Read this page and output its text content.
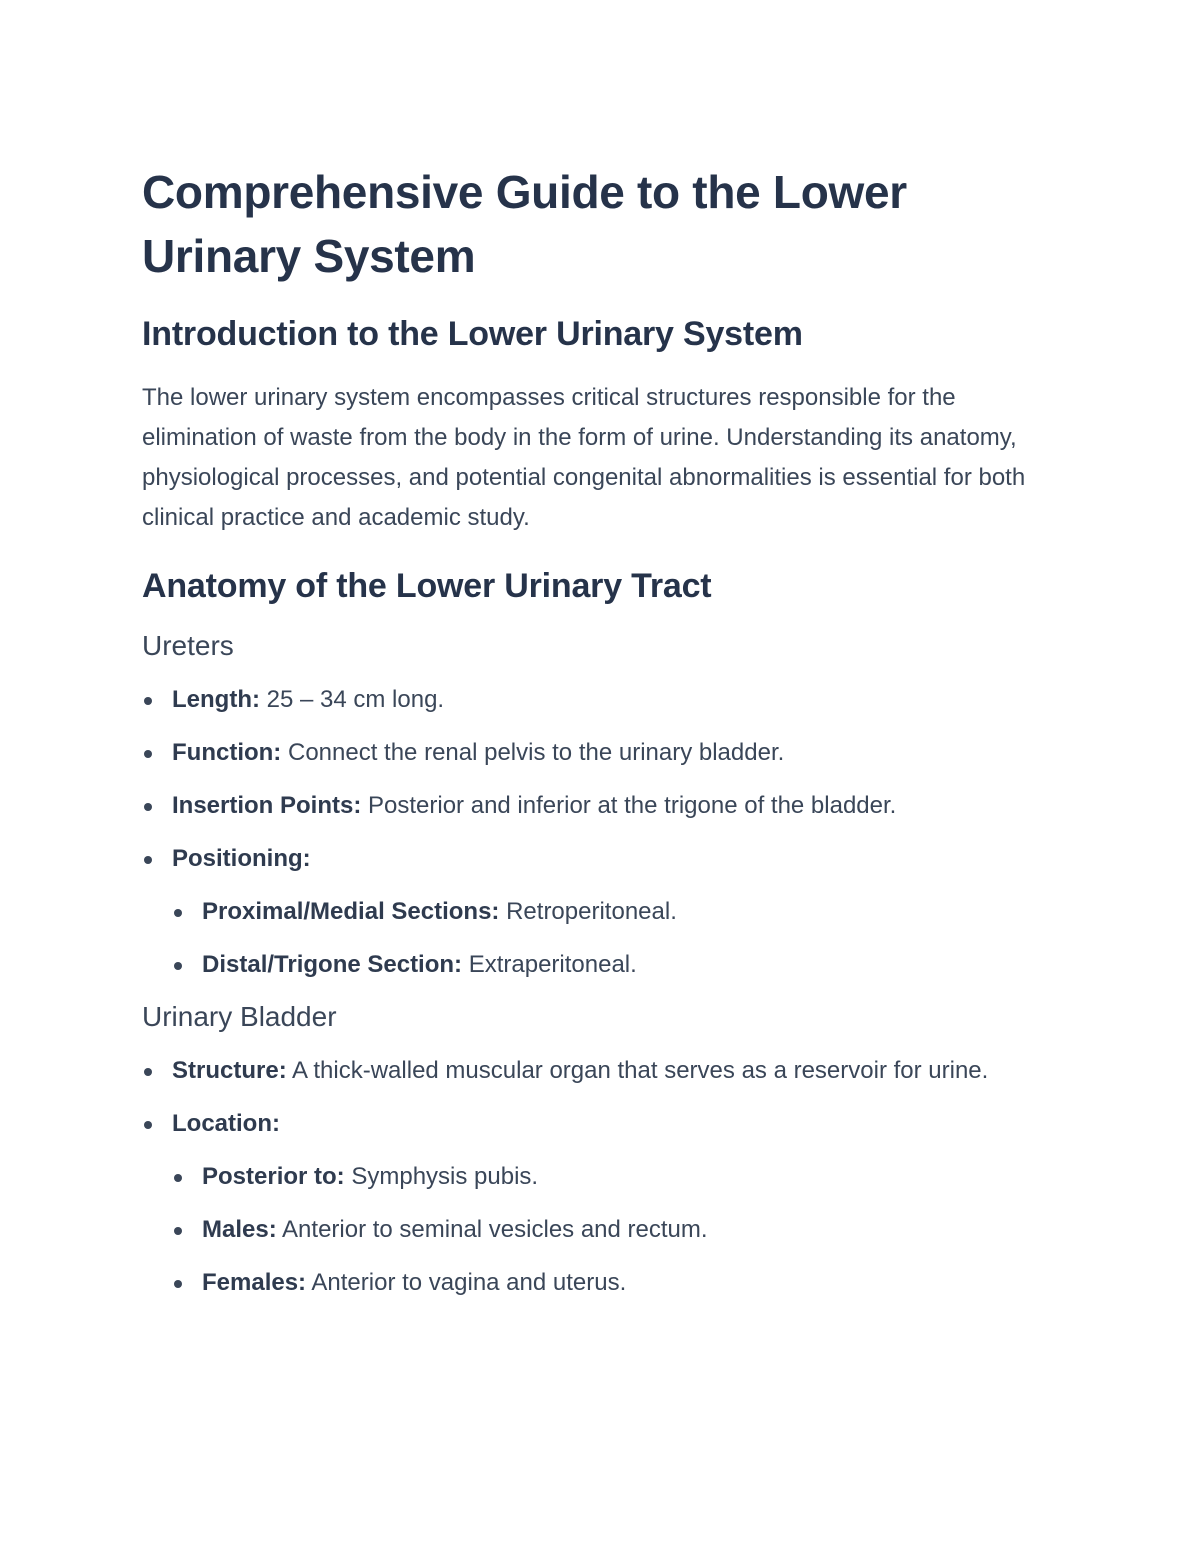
Comprehensive Guide to the Lower Urinary System
Introduction to the Lower Urinary System

The lower urinary system encompasses critical structures responsible for the elimination of waste from the body in the form of urine. Understanding its anatomy, physiological processes, and potential congenital abnormalities is essential for both clinical practice and academic study.

Anatomy of the Lower Urinary Tract
Ureters
Length: 25 – 34 cm long.
Function: Connect the renal pelvis to the urinary bladder.
Insertion Points: Posterior and inferior at the trigone of the bladder.
Positioning:
Proximal/Medial Sections: Retroperitoneal.
Distal/Trigone Section: Extraperitoneal.
Urinary Bladder
Structure: A thick-walled muscular organ that serves as a reservoir for urine.
Location:
Posterior to: Symphysis pubis.
Males: Anterior to seminal vesicles and rectum.
Females: Anterior to vagina and uterus.
